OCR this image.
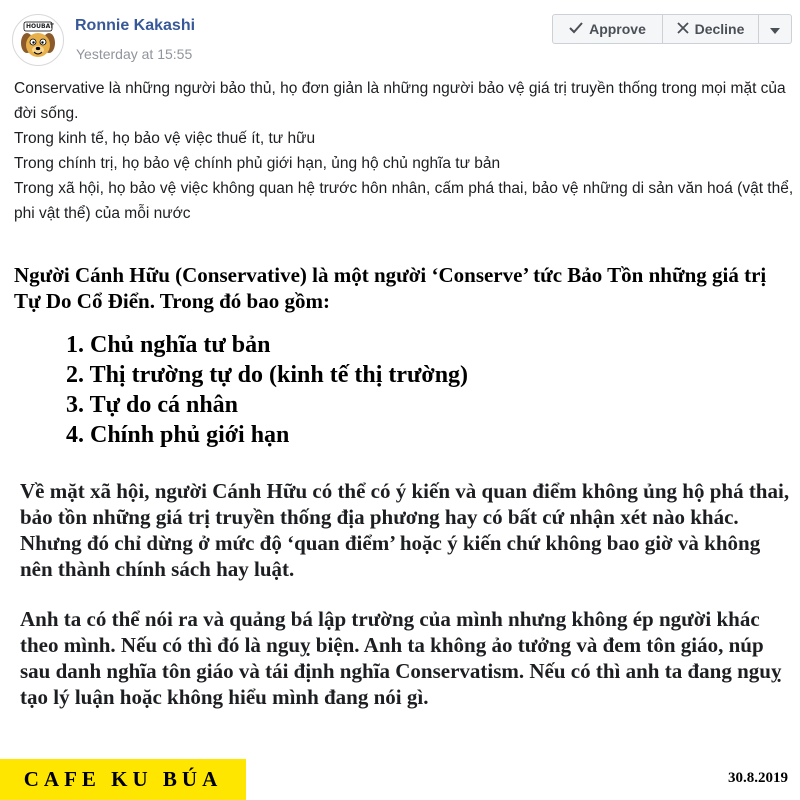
HOUBAT Ronnie Kakashi
Yesterday at 15:55
Approve	Decline

Conservative là những người bảo thủ, họ đơn giản là những người bảo vệ giá trị truyền thống trong mọi mặt của đời sống.

Trong kinh tế, họ bảo vệ việc thuế ít, tư hữu

Trong chính trị, họ bảo vệ chính phủ giới hạn, ủng hộ chủ nghĩa tư bản

Trong xã hội, họ bảo vệ việc không quan hệ trước hôn nhân, cấm phá thai, bảo vệ những di sản văn hoá (vật thể, phi vật thể) của mỗi nước

Người Cánh Hữu (Conservative) là một người ‘Conserve’ tức Bảo Tồn những giá trị Tự Do Cổ Điển. Trong đó bao gồm:

1. Chủ nghĩa tư bản
2. Thị trường tự do (kinh tế thị trường)
3. Tự do cá nhân
4. Chính phủ giới hạn

Về mặt xã hội, người Cánh Hữu có thể có ý kiến và quan điểm không ủng hộ phá thai, bảo tồn những giá trị truyền thống địa phương hay có bất cứ nhận xét nào khác. Nhưng đó chỉ dừng ở mức độ ‘quan điểm’ hoặc ý kiến chứ không bao giờ và không nên thành chính sách hay luật.

Anh ta có thể nói ra và quảng bá lập trường của mình nhưng không ép người khác theo mình. Nếu có thì đó là nguỵ biện. Anh ta không ảo tưởng và đem tôn giáo, núp sau danh nghĩa tôn giáo và tái định nghĩa Conservatism. Nếu có thì anh ta đang nguỵ tạo lý luận hoặc không hiểu mình đang nói gì.

CAFE KU BÚA	30.8.2019
